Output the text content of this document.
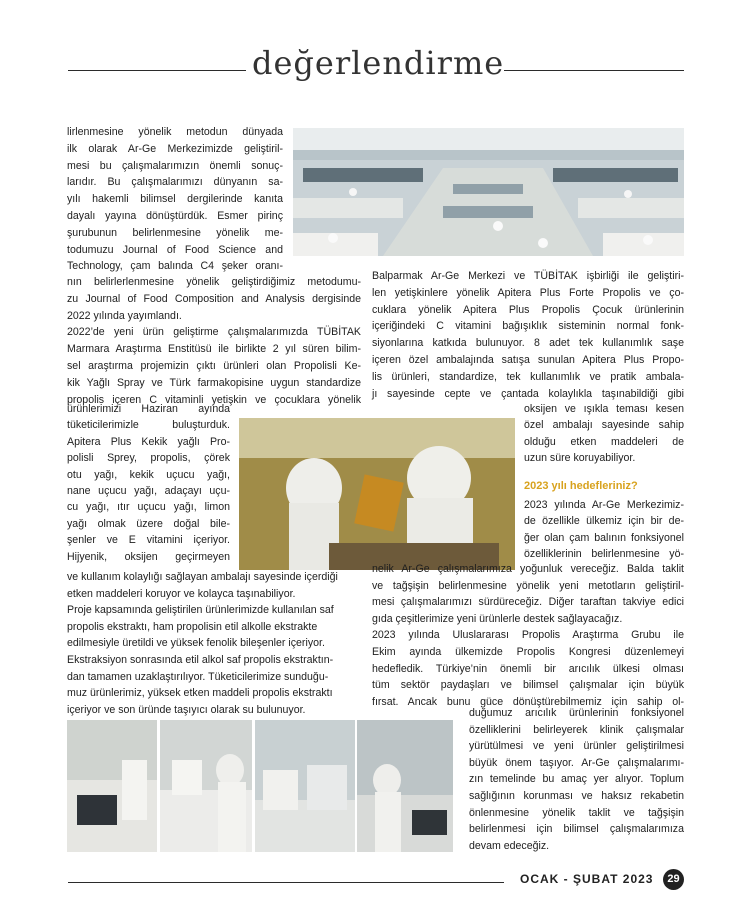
değerlendirme
lirlenmesine yönelik metodun dünyada
ilk olarak Ar-Ge Merkezimizde geliştiril-
mesi bu çalışmalarımızın önemli sonuç-
larıdır. Bu çalışmalarımızı dünyanın sa-
yılı hakemli bilimsel dergilerinde kanıta
dayalı yayına dönüştürdük. Esmer pirinç
şurubunun belirlenmesine yönelik me-
todumuzu Journal of Food Science and
Technology, çam balında C4 şeker oranı-
nın belirlerlenmesine yönelik geliştirdiğimiz metodumu-
zu Journal of Food Composition and Analysis dergisinde
2022 yılında yayımlandı.
2022’de yeni ürün geliştirme çalışmalarımızda TÜBİTAK
Marmara Araştırma Enstitüsü ile birlikte 2 yıl süren bilim-
sel araştırma projemizin çıktı ürünleri olan Propolisli Ke-
kik Yağlı Spray ve Türk farmakopisine uygun standardize
propolis içeren C vitaminli yetişkin ve çocuklara yönelik
ürünlerimizi Haziran ayında
tüketicilerimizle buluşturduk.
Apitera Plus Kekik yağlı Pro-
polisli Sprey, propolis, çörek
otu yağı, kekik uçucu yağı,
nane uçucu yağı, adaçayı uçu-
cu yağı, ıtır uçucu yağı, limon
yağı olmak üzere doğal bile-
şenler ve E vitamini içeriyor.
Hijyenik, oksijen geçirmeyen
ve kullanım kolaylığı sağlayan ambalajı sayesinde içerdiği
etken maddeleri koruyor ve kolayca taşınabiliyor.
Proje kapsamında geliştirilen ürünlerimizde kullanılan saf
propolis ekstraktı, ham propolisin etil alkolle ekstrakte
edilmesiyle üretildi ve yüksek fenolik bileşenler içeriyor.
Ekstraksiyon sonrasında etil alkol saf propolis ekstraktın-
dan tamamen uzaklaştırılıyor. Tüketicilerimize sunduğu-
muz ürünlerimiz, yüksek etken maddeli propolis ekstraktı
içeriyor ve son üründe taşıyıcı olarak su bulunuyor.
Balparmak Ar-Ge Merkezi ve TÜBİTAK işbirliği ile geliştiri-
len yetişkinlere yönelik Apitera Plus Forte Propolis ve ço-
cuklara yönelik Apitera Plus Propolis Çocuk ürünlerinin
içeriğindeki C vitamini bağışıklık sisteminin normal fonk-
siyonlarına katkıda bulunuyor. 8 adet tek kullanımlık saşe
içeren özel ambalajında satışa sunulan Apitera Plus Propo-
lis ürünleri, standardize, tek kullanımlık ve pratik ambala-
jı sayesinde cepte ve çantada kolaylıkla taşınabildiği gibi
oksijen ve ışıkla teması kesen
özel ambalajı sayesinde sahip
olduğu etken maddeleri de
uzun süre koruyabiliyor.
2023 yılı hedefleriniz?
2023 yılında Ar-Ge Merkezimiz-
de özellikle ülkemiz için bir de-
ğer olan çam balının fonksiyonel
özelliklerinin belirlenmesine yö-
nelik Ar-Ge çalışmalarımıza yoğunluk vereceğiz. Balda taklit
ve tağşişin belirlenmesine yönelik yeni metotların geliştiril-
mesi çalışmalarımızı sürdüreceğiz. Diğer taraftan takviye edici
gıda çeşitlerimize yeni ürünlerle destek sağlayacağız.
2023 yılında Uluslararası Propolis Araştırma Grubu ile
Ekim ayında ülkemizde Propolis Kongresi düzenlemeyi
hedefledik. Türkiye’nin önemli bir arıcılık ülkesi olması
tüm sektör paydaşları ve bilimsel çalışmalar için büyük
fırsat. Ancak bunu güce dönüştürebilmemiz için sahip ol-
duğumuz arıcılık ürünlerinin fonksiyonel
özelliklerini belirleyerek klinik çalışmalar
yürütülmesi ve yeni ürünler geliştirilmesi
büyük önem taşıyor. Ar-Ge çalışmalarımı-
zın temelinde bu amaç yer alıyor. Toplum
sağlığının korunması ve haksız rekabetin
önlenmesine yönelik taklit ve tağşişin
belirlenmesi için bilimsel çalışmalarımıza
devam edeceğiz.
OCAK - ŞUBAT 2023	29
